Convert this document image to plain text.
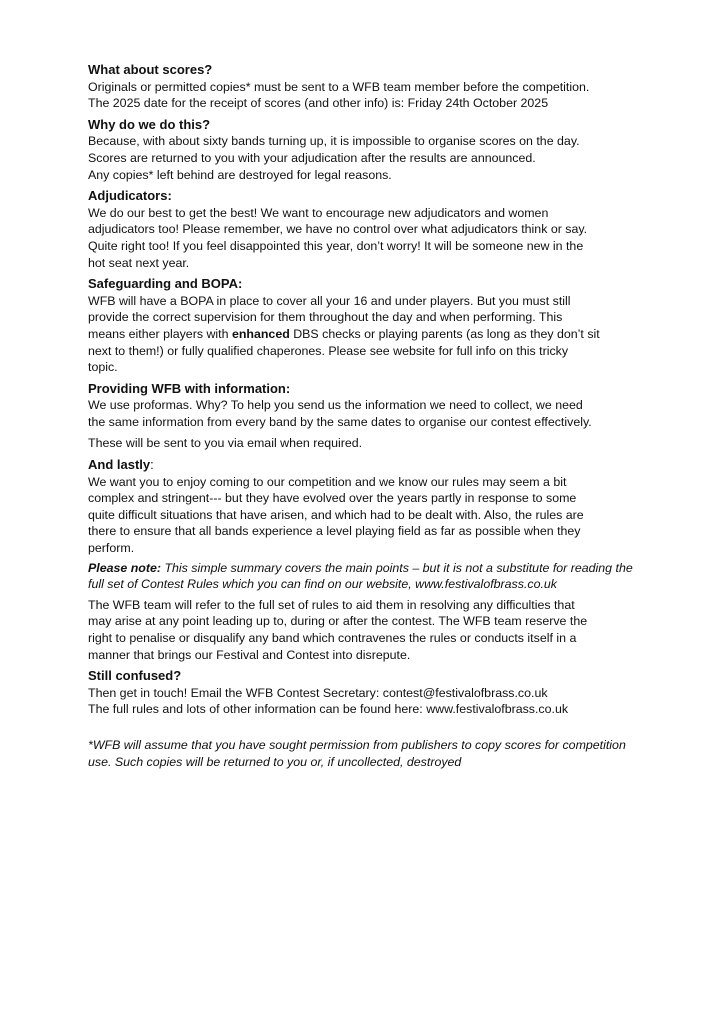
What about scores?
Originals or permitted copies* must be sent to a WFB team member before the competition.
The 2025 date for the receipt of scores (and other info) is: Friday 24th October 2025
Why do we do this?
Because, with about sixty bands turning up, it is impossible to organise scores on the day.
Scores are returned to you with your adjudication after the results are announced.
Any copies* left behind are destroyed for legal reasons.
Adjudicators:
We do our best to get the best! We want to encourage new adjudicators and women
adjudicators too! Please remember, we have no control over what adjudicators think or say.
Quite right too! If you feel disappointed this year, don’t worry! It will be someone new in the
hot seat next year.
Safeguarding and BOPA:
WFB will have a BOPA in place to cover all your 16 and under players. But you must still
provide the correct supervision for them throughout the day and when performing. This
means either players with enhanced DBS checks or playing parents (as long as they don’t sit
next to them!) or fully qualified chaperones. Please see website for full info on this tricky
topic.
Providing WFB with information:
We use proformas. Why? To help you send us the information we need to collect, we need
the same information from every band by the same dates to organise our contest effectively.
These will be sent to you via email when required.
And lastly:
We want you to enjoy coming to our competition and we know our rules may seem a bit
complex and stringent--- but they have evolved over the years partly in response to some
quite difficult situations that have arisen, and which had to be dealt with. Also, the rules are
there to ensure that all bands experience a level playing field as far as possible when they
perform.
Please note: This simple summary covers the main points – but it is not a substitute for reading the
full set of Contest Rules which you can find on our website, www.festivalofbrass.co.uk
The WFB team will refer to the full set of rules to aid them in resolving any difficulties that
may arise at any point leading up to, during or after the contest. The WFB team reserve the
right to penalise or disqualify any band which contravenes the rules or conducts itself in a
manner that brings our Festival and Contest into disrepute.
Still confused?
Then get in touch! Email the WFB Contest Secretary: contest@festivalofbrass.co.uk
The full rules and lots of other information can be found here: www.festivalofbrass.co.uk
*WFB will assume that you have sought permission from publishers to copy scores for competition
use. Such copies will be returned to you or, if uncollected, destroyed
